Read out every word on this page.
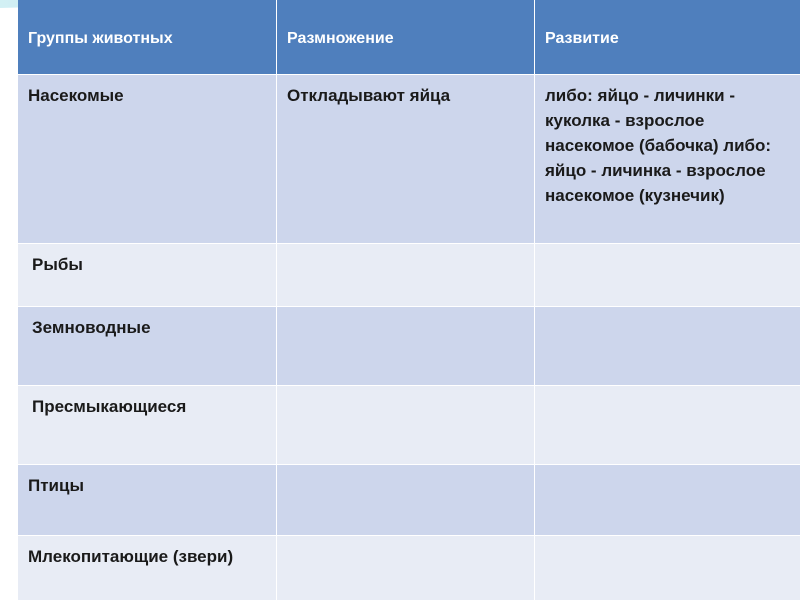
Группы животных	Размножение	Развитие
Насекомые	Откладывают яйца	либо: яйцо - личинки - куколка - взрослое насекомое (бабочка) либо: яйцо - личинка - взрослое насекомое (кузнечик)
Рыбы
Земноводные
Пресмыкающиеся
Птицы
Млекопитающие (звери)
